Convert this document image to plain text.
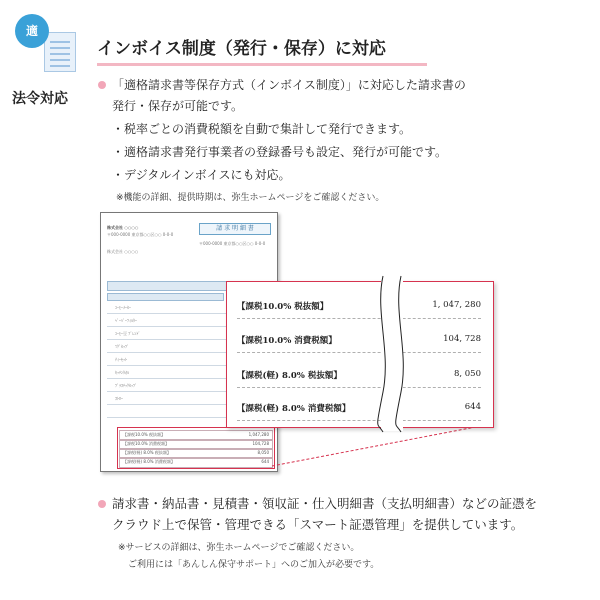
適
法令対応
インボイス制度（発行・保存）に対応
「適格請求書等保存方式（インボイス制度）」に対応した請求書の
発行・保存が可能です。
・税率ごとの消費税額を自動で集計して発行できます。
・適格請求書発行事業者の登録番号も設定、発行が可能です。
・デジタルインボイスにも対応。
※機能の詳細、提供時期は、弥生ホームページをご確認ください。
請 求 明 細 書
株式会社 ○○○○
〒000-0000 東京都○○区○○ 0-0-0
株式会社 ○○○○
〒000-0000 東京都○○区○○ 0-0-0
ｺｰﾋｰﾒｰｶｰ
ﾍﾟｰﾊﾟｰﾌｨﾙﾀｰ
ｺｰﾋｰ豆 ﾌﾞﾚﾝﾄﾞ
ﾏｸﾞｶｯﾌﾟ
ﾃｨｰｾｯﾄ
ｷｯﾁﾝﾀｵﾙ
ﾌﾟﾗｽﾁｯｸｶｯﾌﾟ
ｽﾄﾛｰ
【課税10.0% 税抜額】	1,047,280
【課税10.0% 消費税額】	104,728
【課税(軽) 8.0% 税抜額】	8,050
【課税(軽) 8.0% 消費税額】	644
【課税10.0% 税抜額】	1, 047, 280
【課税10.0% 消費税額】	104, 728
【課税(軽) 8.0% 税抜額】	8, 050
【課税(軽) 8.0% 消費税額】	644
請求書・納品書・見積書・領収証・仕入明細書（支払明細書）などの証憑を
クラウド上で保管・管理できる「スマート証憑管理」を提供しています。
※サービスの詳細は、弥生ホームページでご確認ください。
ご利用には「あんしん保守サポート」へのご加入が必要です。
